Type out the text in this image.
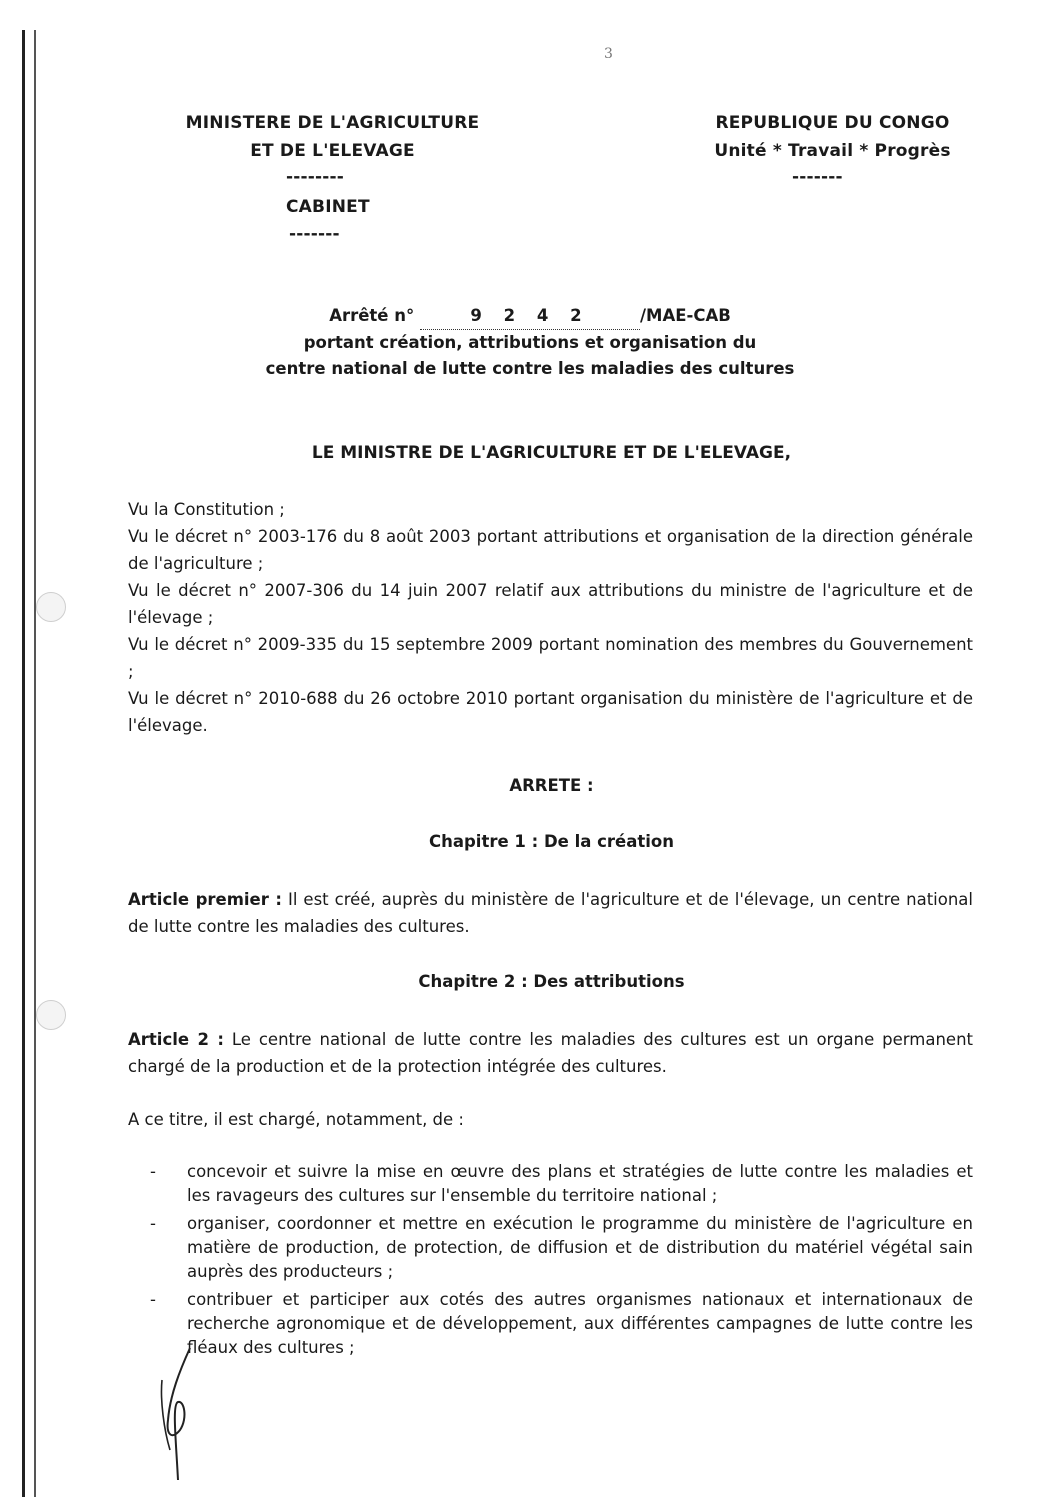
3
MINISTERE DE L'AGRICULTURE
ET DE L'ELEVAGE
--------
CABINET
-------
REPUBLIQUE DU CONGO
Unité * Travail * Progrès
-------
Arrêté n°	9 2 4 2	/MAE-CAB
portant création, attributions et organisation du
centre national de lutte contre les maladies des cultures
LE MINISTRE DE L'AGRICULTURE ET DE L'ELEVAGE,

Vu la Constitution ;

Vu le décret n° 2003-176 du 8 août 2003 portant attributions et organisation de la direction générale de l'agriculture ;

Vu le décret n° 2007-306 du 14 juin 2007 relatif aux attributions du ministre de l'agriculture et de l'élevage ;

Vu le décret n° 2009-335 du 15 septembre 2009 portant nomination des membres du Gouvernement ;

Vu le décret n° 2010-688 du 26 octobre 2010 portant organisation du ministère de l'agriculture et de l'élevage.

ARRETE :
Chapitre 1 : De la création

Article premier : Il est créé, auprès du ministère de l'agriculture et de l'élevage, un centre national de lutte contre les maladies des cultures.

Chapitre 2 : Des attributions

Article 2 : Le centre national de lutte contre les maladies des cultures est un organe permanent chargé de la production et de la protection intégrée des cultures.

A ce titre, il est chargé, notamment, de :
-	concevoir et suivre la mise en œuvre des plans et stratégies de lutte contre les maladies et les ravageurs des cultures sur l'ensemble du territoire national ;
-	organiser, coordonner et mettre en exécution le programme du ministère de l'agriculture en matière de production, de protection, de diffusion et de distribution du matériel végétal sain auprès des producteurs ;
-	contribuer et participer aux cotés des autres organismes nationaux et internationaux de recherche agronomique et de développement, aux différentes campagnes de lutte contre les fléaux des cultures ;
